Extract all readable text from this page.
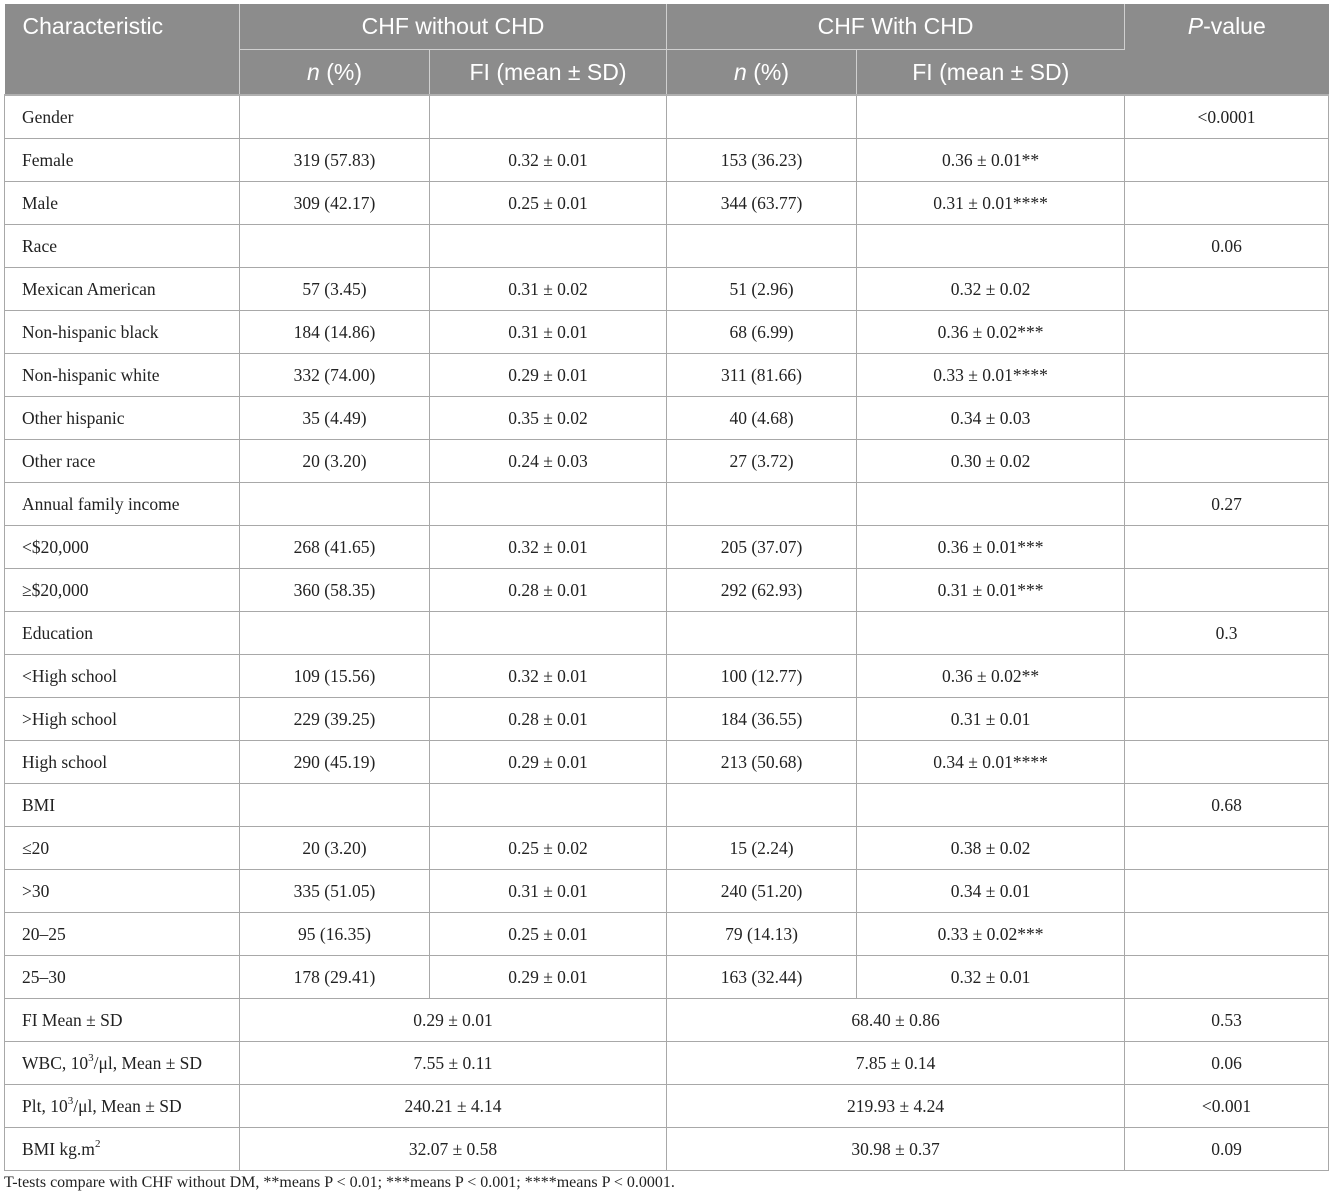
Characteristic	CHF without CHD		CHF With CHD		P-value
	n (%)	FI (mean ± SD)	n (%)	FI (mean ± SD)	
Gender					<0.0001
Female	319 (57.83)	0.32 ± 0.01	153 (36.23)	0.36 ± 0.01**	
Male	309 (42.17)	0.25 ± 0.01	344 (63.77)	0.31 ± 0.01****	
Race					0.06
Mexican American	57 (3.45)	0.31 ± 0.02	51 (2.96)	0.32 ± 0.02	
Non-hispanic black	184 (14.86)	0.31 ± 0.01	68 (6.99)	0.36 ± 0.02***	
Non-hispanic white	332 (74.00)	0.29 ± 0.01	311 (81.66)	0.33 ± 0.01****	
Other hispanic	35 (4.49)	0.35 ± 0.02	40 (4.68)	0.34 ± 0.03	
Other race	20 (3.20)	0.24 ± 0.03	27 (3.72)	0.30 ± 0.02	
Annual family income					0.27
<$20,000	268 (41.65)	0.32 ± 0.01	205 (37.07)	0.36 ± 0.01***	
≥$20,000	360 (58.35)	0.28 ± 0.01	292 (62.93)	0.31 ± 0.01***	
Education					0.3
<High school	109 (15.56)	0.32 ± 0.01	100 (12.77)	0.36 ± 0.02**	
>High school	229 (39.25)	0.28 ± 0.01	184 (36.55)	0.31 ± 0.01	
High school	290 (45.19)	0.29 ± 0.01	213 (50.68)	0.34 ± 0.01****	
BMI					0.68
≤20	20 (3.20)	0.25 ± 0.02	15 (2.24)	0.38 ± 0.02	
>30	335 (51.05)	0.31 ± 0.01	240 (51.20)	0.34 ± 0.01	
20–25	95 (16.35)	0.25 ± 0.01	79 (14.13)	0.33 ± 0.02***	
25–30	178 (29.41)	0.29 ± 0.01	163 (32.44)	0.32 ± 0.01	
FI Mean ± SD	0.29 ± 0.01		68.40 ± 0.86		0.53
WBC, $10^3/\mu l$, Mean ± SD	7.55 ± 0.11		7.85 ± 0.14		0.06
Plt, $10^3/\mu l$, Mean ± SD	240.21 ± 4.14		219.93 ± 4.24		<0.001
BMI $kg.m^2$	32.07 ± 0.58		30.98 ± 0.37		0.09
T-tests compare with CHF without DM, **means P < 0.01; ***means P < 0.001; ****means P < 0.0001.
